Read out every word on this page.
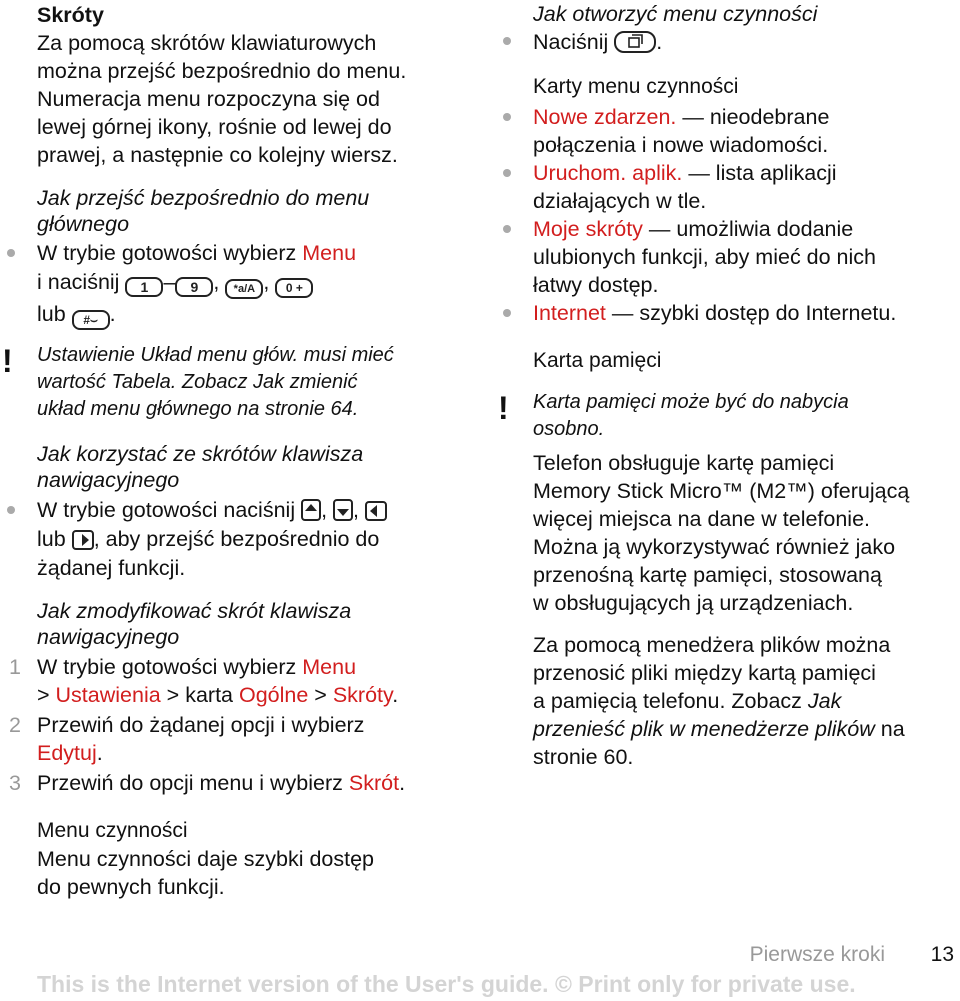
Skróty

Za pomocą skrótów klawiaturowych

można przejść bezpośrednio do menu.

Numeracja menu rozpoczyna się od

lewej górnej ikony, rośnie od lewej do

prawej, a następnie co kolejny wiersz.

Jak przejść bezpośrednio do menu

głównego

W trybie gotowości wybierz Menu

i naciśnij 1 – 9 , *a/A , 0 +

lub #⌣ .

! Ustawienie Układ menu głów. musi mieć

wartość Tabela. Zobacz Jak zmienić

układ menu głównego na stronie 64.

Jak korzystać ze skrótów klawisza

nawigacyjnego

W trybie gotowości naciśnij , ,

lub , aby przejść bezpośrednio do

żądanej funkcji.

Jak zmodyfikować skrót klawisza

nawigacyjnego

1 W trybie gotowości wybierz Menu

> Ustawienia > karta Ogólne > Skróty.

2 Przewiń do żądanej opcji i wybierz

Edytuj.

3 Przewiń do opcji menu i wybierz Skrót.

Menu czynności

Menu czynności daje szybki dostęp

do pewnych funkcji.

Jak otworzyć menu czynności

Naciśnij .

Karty menu czynności

Nowe zdarzen. — nieodebrane

połączenia i nowe wiadomości.

Uruchom. aplik. — lista aplikacji

działających w tle.

Moje skróty — umożliwia dodanie

ulubionych funkcji, aby mieć do nich

łatwy dostęp.

Internet — szybki dostęp do Internetu.

Karta pamięci

! Karta pamięci może być do nabycia

osobno.

Telefon obsługuje kartę pamięci

Memory Stick Micro™ (M2™) oferującą

więcej miejsca na dane w telefonie.

Można ją wykorzystywać również jako

przenośną kartę pamięci, stosowaną

w obsługujących ją urządzeniach.

Za pomocą menedżera plików można

przenosić pliki między kartą pamięci

a pamięcią telefonu. Zobacz Jak

przenieść plik w menedżerze plików na

stronie 60.

Pierwsze kroki 13
This is the Internet version of the User's guide. © Print only for private use.
